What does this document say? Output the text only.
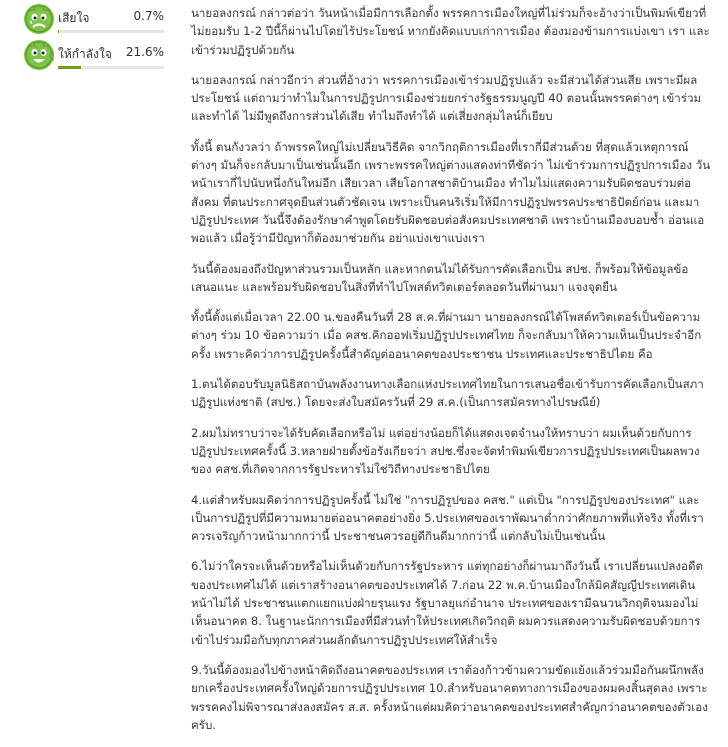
เสียใจ	0.7%
ให้กำลังใจ 21.6%

นายอลงกรณ์ กล่าวต่อว่า วันหน้าเมื่อมีการเลือกตั้ง พรรคการเมืองใหญ่ที่ไม่ร่วมก็จะอ้างว่าเป็นพิมพ์เขียวที่ไม่ยอมรับ 1-2 ปีนี้ก็ผ่านไปโดยไร้ประโยชน์ หากยังคิดแบบเก่าการเมือง ต้องมองข้ามการแบ่งเขา เรา และเข้าร่วมปฏิรูปด้วยกัน

นายอลงกรณ์ กล่าวอีกว่า ส่วนที่อ้างว่า พรรคการเมืองเข้าร่วมปฏิรูปแล้ว จะมีส่วนได้ส่วนเสีย เพราะมีผลประโยชน์ แต่ถามว่าทำไมในการปฏิรูปการเมืองช่วยยกร่างรัฐธรรมนูญปี 40 ตอนนั้นพรรคต่างๆ เข้าร่วม และทำได้ ไม่มีพูดถึงการส่วนได้เสีย ทำไมถึงทำได้ แต่เสี่ยงกลุ่มไลน์ก็เยียบ

ทั้งนี้ ตนกังวลว่า ถ้าพรรคใหญ่ไม่เปลี่ยนวิธีคิด จากวิกฤติการเมืองที่เรากี่มีส่วนด้วย ที่สุดแล้วเหตุการณ์ต่างๆ มันก็จะกลับมาเป็นเช่นนั้นอีก เพราะพรรคใหญ่ต่างแสดงท่าทีชัดว่า ไม่เข้าร่วมการปฏิรูปการเมือง วันหน้าเรากี่ไปนับหนึ่งกันใหม่อีก เสียเวลา เสียโอกาสชาติบ้านเมือง ทำไมไม่แสดงความรับผิดชอบร่วมต่อสังคม ที่ตนประกาศจุดยืนส่วนตัวชัดเจน เพราะเป็นคนริเริ่มให้มีการปฏิรูปพรรคประชาธิปัตย์ก่อน และมาปฏิรูปประเทศ วันนี้จึงต้องรักษาคำพูดโดยรับผิดชอบต่อสังคมประเทศชาติ เพราะบ้านเมืองบอบช้ำ อ่อนแอพอแล้ว เมื่อรู้ว่ามีปัญหาก็ต้องมาช่วยกัน อย่าแบ่งเขาแบ่งเรา

วันนี้ต้องมองถึงปัญหาส่วนรวมเป็นหลัก และหากตนไม่ได้รับการคัดเลือกเป็น สปช. ก็พร้อมให้ข้อมูลข้อเสนอแนะ และพร้อมรับผิดชอบในสิ่งที่ทำไปโพสต์ทวิตเตอร์ตลอดวันที่ผ่านมา แจงจุดยืน

ทั้งนี้ตั้งแต่เมื่อเวลา 22.00 น.ของคืนวันที่ 28 ส.ค.ที่ผ่านมา นายอลงกรณ์ได้โพสต์ทวิตเตอร์เป็นข้อความต่างๆ ร่วม 10 ข้อความว่า เมื่อ คสช.คิกออฟเริ่มปฏิรูปประเทศไทย ก็จะกลับมาให้ความเห็นเป็นประจำอีกครั้ง เพราะคิดว่าการปฏิรูปครั้งนี้สำคัญต่ออนาคตของประชาชน ประเทศและประชาธิปไตย คือ

1.ตนได้ตอบรับมูลนิธิสถาบันพลังงานทางเลือกแห่งประเทศไทยในการเสนอชื่อเข้ารับการคัดเลือกเป็นสภาปฏิรูปแห่งชาติ (สปช.) โดยจะส่งใบสมัครวันที่ 29 ส.ค.(เป็นการสมัครทางไปรษณีย์)

2.ผมไม่ทราบว่าจะได้รับคัดเลือกหรือไม่ แต่อย่างน้อยก็ได้แสดงเจตจำนงให้ทราบว่า ผมเห็นด้วยกับการปฏิรูปประเทศครั้งนี้ 3.หลายฝ่ายตั้งข้อรังเกียจว่า สปช.ซึ่งจะจัดทำพิมพ์เขียวการปฏิรูปประเทศเป็นผลพวงของ คสช.ที่เกิดจากการรัฐประหารไม่ใช่วิถีทางประชาธิปไตย

4.แต่สำหรับผมคิดว่าการปฏิรูปครั้งนี้ ไม่ใช่ "การปฏิรูปของ คสช." แต่เป็น "การปฏิรูปของประเทศ" และเป็นการปฏิรูปที่มีความหมายต่ออนาคตอย่างยิ่ง 5.ประเทศของเราพัฒนาต่ำกว่าศักยภาพที่แท้จริง ทั้งที่เรา ควรเจริญก้าวหน้ามากกว่านี้ ประชาชนควรอยู่ดีกินดีมากกว่านี้ แต่กลับไม่เป็นเช่นนั้น

6.ไม่ว่าใครจะเห็นด้วยหรือไม่เห็นด้วยกับการรัฐประหาร แต่ทุกอย่างก็ผ่านมาถึงวันนี้ เราเปลี่ยนแปลงอดีตของประเทศไม่ได้ แต่เราสร้างอนาคตของประเทศได้ 7.ก่อน 22 พ.ค.บ้านเมืองใกล้มิคสัญญีประเทศเดินหน้าไม่ได้ ประชาชนแตกแยกแบ่งฝ่ายรุนแรง รัฐบาลยุแก่อำนาจ ประเทศของเรามีฉนวนวิกฤติจนมองไม่เห็นอนาคต 8. ในฐานะนักการเมืองที่มีส่วนทำให้ประเทศเกิดวิกฤติ ผมควรแสดงความรับผิดชอบด้วยการเข้าไปร่วมมือกับทุกภาคส่วนผลักดันการปฏิรูปประเทศให้สำเร็จ

9.วันนี้ต้องมองไปข้างหน้าคิดถึงอนาคตของประเทศ เราต้องก้าวข้ามความขัดแย้งแล้วร่วมมือกันผนึกพลังยกเครื่องประเทศครั้งใหญ่ด้วยการปฏิรูปประเทศ 10.สำหรับอนาคตทางการเมืองของผมคงสิ้นสุดลง เพราะพรรคคงไม่พิจารณาส่งลงสมัคร ส.ส. ครั้งหน้าแต่ผมคิดว่าอนาคตของประเทศสำคัญกว่าอนาคตของตัวเองครับ.
